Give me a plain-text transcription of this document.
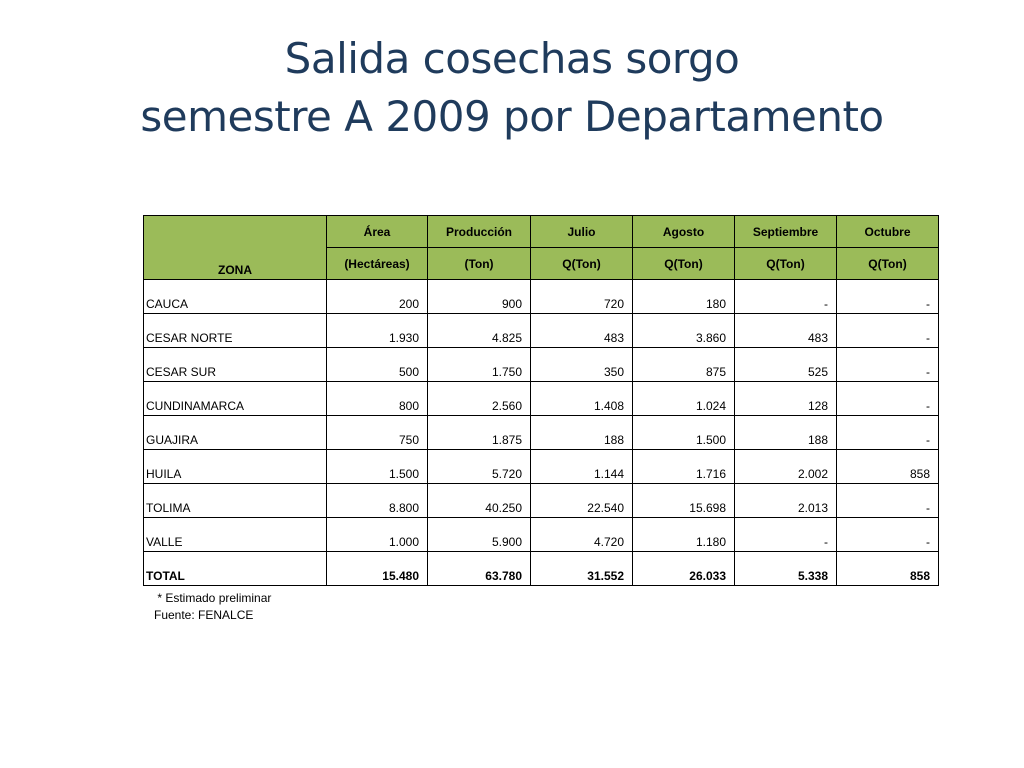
Salida cosechas sorgo
semestre A 2009 por Departamento
ZONA	Área	Producción	Julio	Agosto	Septiembre	Octubre
	(Hectáreas)	(Ton)	Q(Ton)	Q(Ton)	Q(Ton)	Q(Ton)
CAUCA	200	900	720	180	-	-
CESAR NORTE	1.930	4.825	483	3.860	483	-
CESAR SUR	500	1.750	350	875	525	-
CUNDINAMARCA	800	2.560	1.408	1.024	128	-
GUAJIRA	750	1.875	188	1.500	188	-
HUILA	1.500	5.720	1.144	1.716	2.002	858
TOLIMA	8.800	40.250	22.540	15.698	2.013	-
VALLE	1.000	5.900	4.720	1.180	-	-
TOTAL	15.480	63.780	31.552	26.033	5.338	858
* Estimado preliminar
Fuente: FENALCE
